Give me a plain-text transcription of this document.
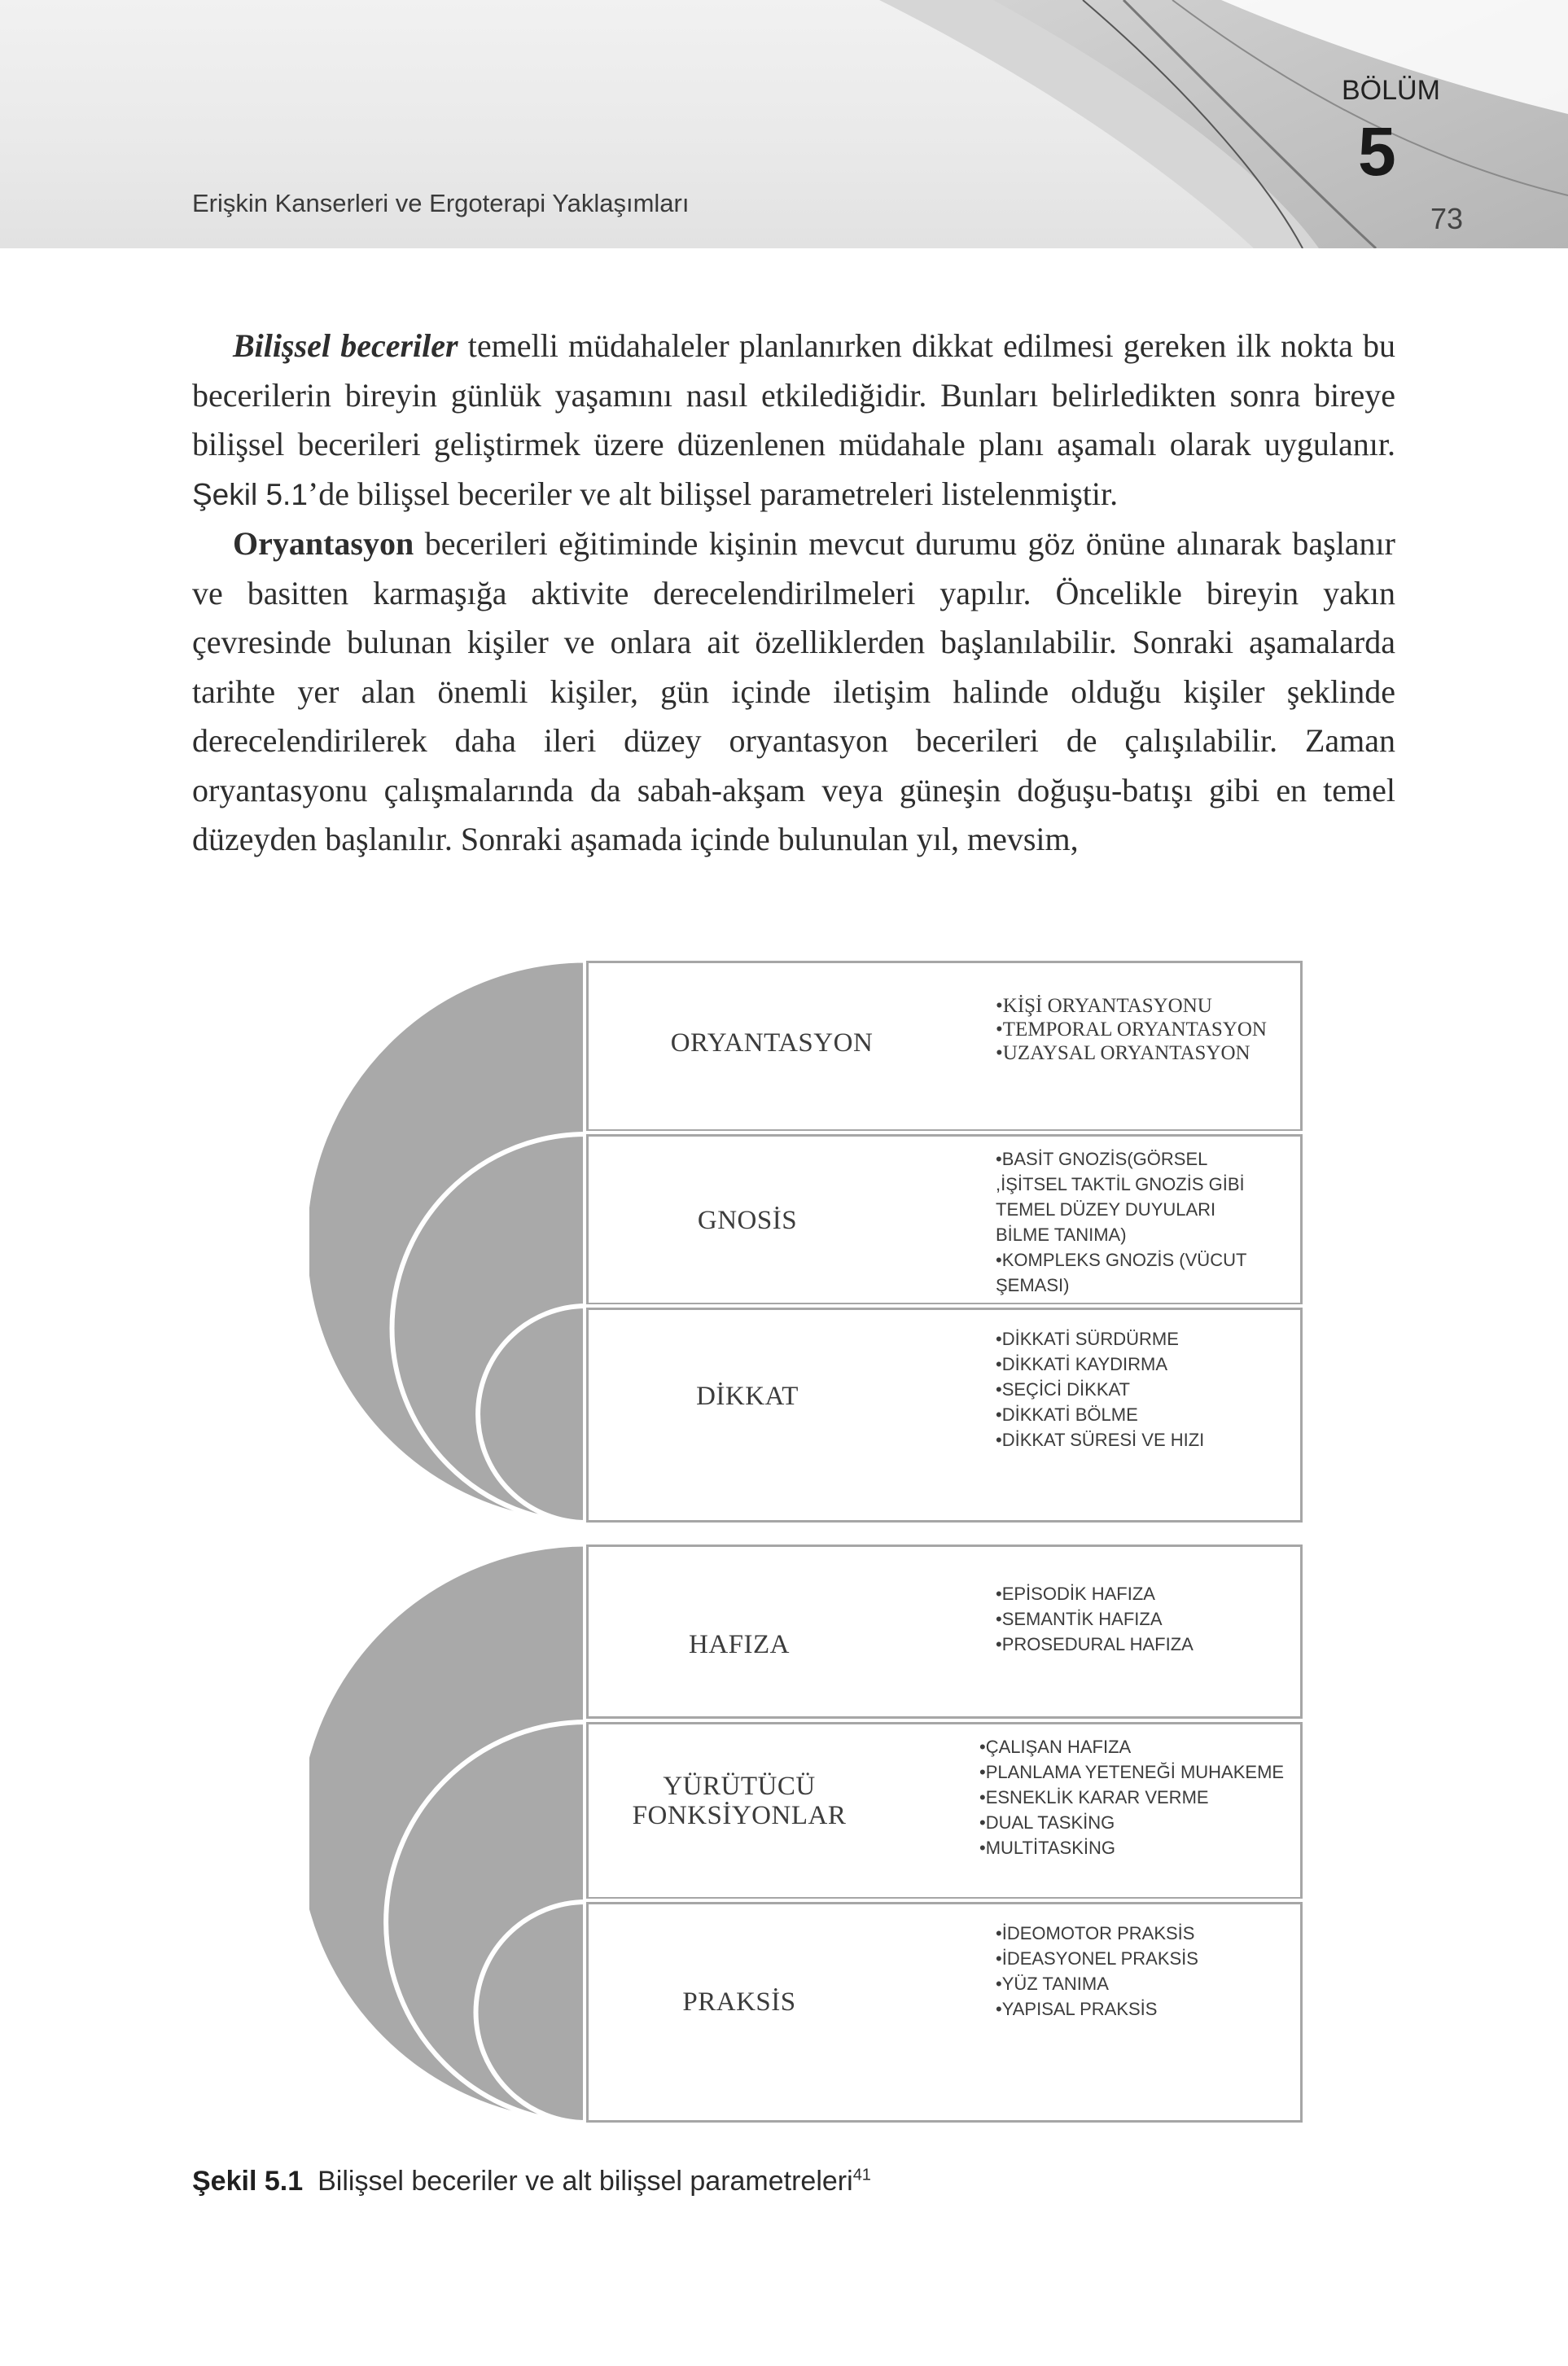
Erişkin Kanserleri ve Ergoterapi Yaklaşımları
BÖLÜM
5
73

Bilişsel beceriler temelli müdahaleler planlanırken dikkat edilmesi gereken ilk nokta bu becerilerin bireyin günlük yaşamını nasıl etkilediğidir. Bunları belirledikten sonra bireye bilişsel becerileri geliştirmek üzere düzenlenen müdahale planı aşamalı olarak uygulanır. Şekil 5.1’de bilişsel beceriler ve alt bilişsel parametreleri listelenmiştir.

Oryantasyon becerileri eğitiminde kişinin mevcut durumu göz önüne alınarak başlanır ve basitten karmaşığa aktivite derecelendirilmeleri yapılır. Öncelikle bireyin yakın çevresinde bulunan kişiler ve onlara ait özelliklerden başlanılabilir. Sonraki aşamalarda tarihte yer alan önemli kişiler, gün içinde iletişim halinde olduğu kişiler şeklinde derecelendirilerek daha ileri düzey oryantasyon becerileri de çalışılabilir. Zaman oryantasyonu çalışmalarında da sabah-akşam veya güneşin doğuşu-batışı gibi en temel düzeyden başlanılır. Sonraki aşamada içinde bulunulan yıl, mevsim,

ORYANTASYON
• KİŞİ ORYANTASYONU
• TEMPORAL ORYANTASYON
• UZAYSAL ORYANTASYON
GNOSİS
• BASİT GNOZİS(GÖRSEL ,İŞİTSEL TAKTİL GNOZİS GİBİ TEMEL DÜZEY DUYULARI BİLME TANIMA)
• KOMPLEKS GNOZİS (VÜCUT ŞEMASI)
DİKKAT
• DİKKATİ SÜRDÜRME
• DİKKATİ KAYDIRMA
• SEÇİCİ DİKKAT
• DİKKATİ BÖLME
• DİKKAT SÜRESİ VE HIZI
HAFIZA
• EPİSODİK HAFIZA
• SEMANTİK HAFIZA
• PROSEDURAL HAFIZA
YÜRÜTÜCÜ
FONKSİYONLAR
• ÇALIŞAN HAFIZA
• PLANLAMA YETENEĞİ MUHAKEME
• ESNEKLİK KARAR VERME
• DUAL TASKİNG
• MULTİTASKİNG
PRAKSİS
• İDEOMOTOR PRAKSİS
• İDEASYONEL PRAKSİS
• YÜZ TANIMA
• YAPISAL PRAKSİS
Şekil 5.1 Bilişsel beceriler ve alt bilişsel parametreleri$^{41}$
